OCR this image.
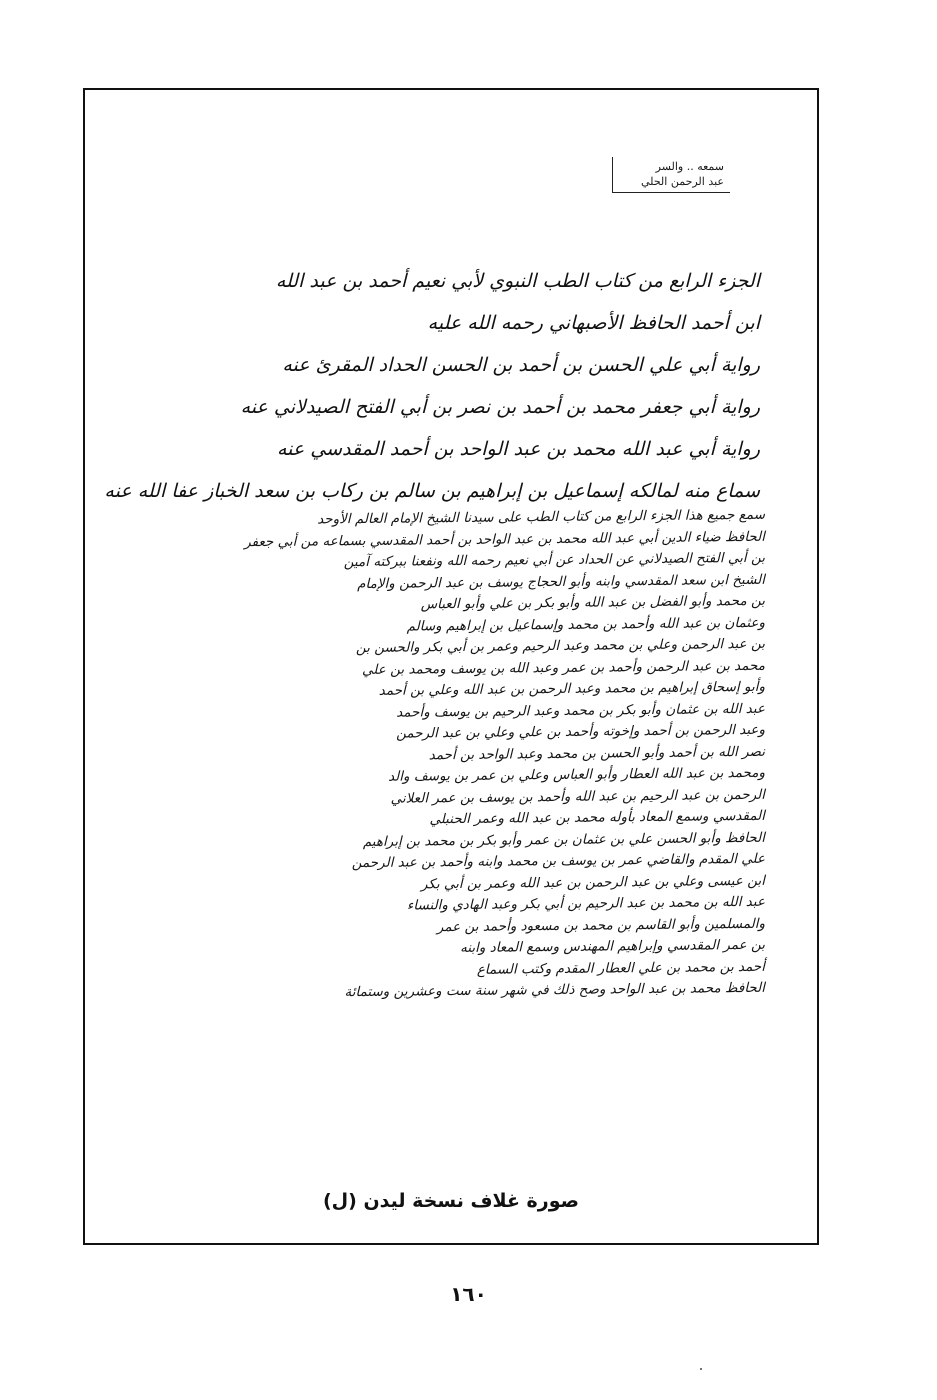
سمعه .. والسر
عبد الرحمن الحلي
الجزء الرابع من كتاب الطب النبوي لأبي نعيم أحمد بن عبد الله
ابن أحمد الحافظ الأصبهاني رحمه الله عليه
رواية أبي علي الحسن بن أحمد بن الحسن الحداد المقرئ عنه
رواية أبي جعفر محمد بن أحمد بن نصر بن أبي الفتح الصيدلاني عنه
رواية أبي عبد الله محمد بن عبد الواحد بن أحمد المقدسي عنه
سماع منه لمالكه إسماعيل بن إبراهيم بن سالم بن ركاب بن سعد الخباز عفا الله عنه
سمع جميع هذا الجزء الرابع من كتاب الطب على سيدنا الشيخ الإمام العالم الأوحد
الحافظ ضياء الدين أبي عبد الله محمد بن عبد الواحد بن أحمد المقدسي بسماعه من أبي جعفر
بن أبي الفتح الصيدلاني عن الحداد عن أبي نعيم رحمه الله ونفعنا ببركته آمين
الشيخ ابن سعد المقدسي وابنه وأبو الحجاج يوسف بن عبد الرحمن والإمام
بن محمد وأبو الفضل بن عبد الله وأبو بكر بن علي وأبو العباس
وعثمان بن عبد الله وأحمد بن محمد وإسماعيل بن إبراهيم وسالم
بن عبد الرحمن وعلي بن محمد وعبد الرحيم وعمر بن أبي بكر والحسن بن
محمد بن عبد الرحمن وأحمد بن عمر وعبد الله بن يوسف ومحمد بن علي
وأبو إسحاق إبراهيم بن محمد وعبد الرحمن بن عبد الله وعلي بن أحمد
عبد الله بن عثمان وأبو بكر بن محمد وعبد الرحيم بن يوسف وأحمد
وعبد الرحمن بن أحمد وإخوته وأحمد بن علي وعلي بن عبد الرحمن
نصر الله بن أحمد وأبو الحسن بن محمد وعبد الواحد بن أحمد
ومحمد بن عبد الله العطار وأبو العباس وعلي بن عمر بن يوسف والد
الرحمن بن عبد الرحيم بن عبد الله وأحمد بن يوسف بن عمر العلاني
المقدسي وسمع المعاد بأوله محمد بن عبد الله وعمر الحنبلي
الحافظ وأبو الحسن علي بن عثمان بن عمر وأبو بكر بن محمد بن إبراهيم
علي المقدم والقاضي عمر بن يوسف بن محمد وابنه وأحمد بن عبد الرحمن
ابن عيسى وعلي بن عبد الرحمن بن عبد الله وعمر بن أبي بكر
عبد الله بن محمد بن عبد الرحيم بن أبي بكر وعبد الهادي والنساء
والمسلمين وأبو القاسم بن محمد بن مسعود وأحمد بن عمر
بن عمر المقدسي وإبراهيم المهندس وسمع المعاد وابنه
أحمد بن محمد بن علي العطار المقدم وكتب السماع
الحافظ محمد بن عبد الواحد وصح ذلك في شهر سنة ست وعشرين وستمائة
صورة غلاف نسخة ليدن (ل)
١٦٠
